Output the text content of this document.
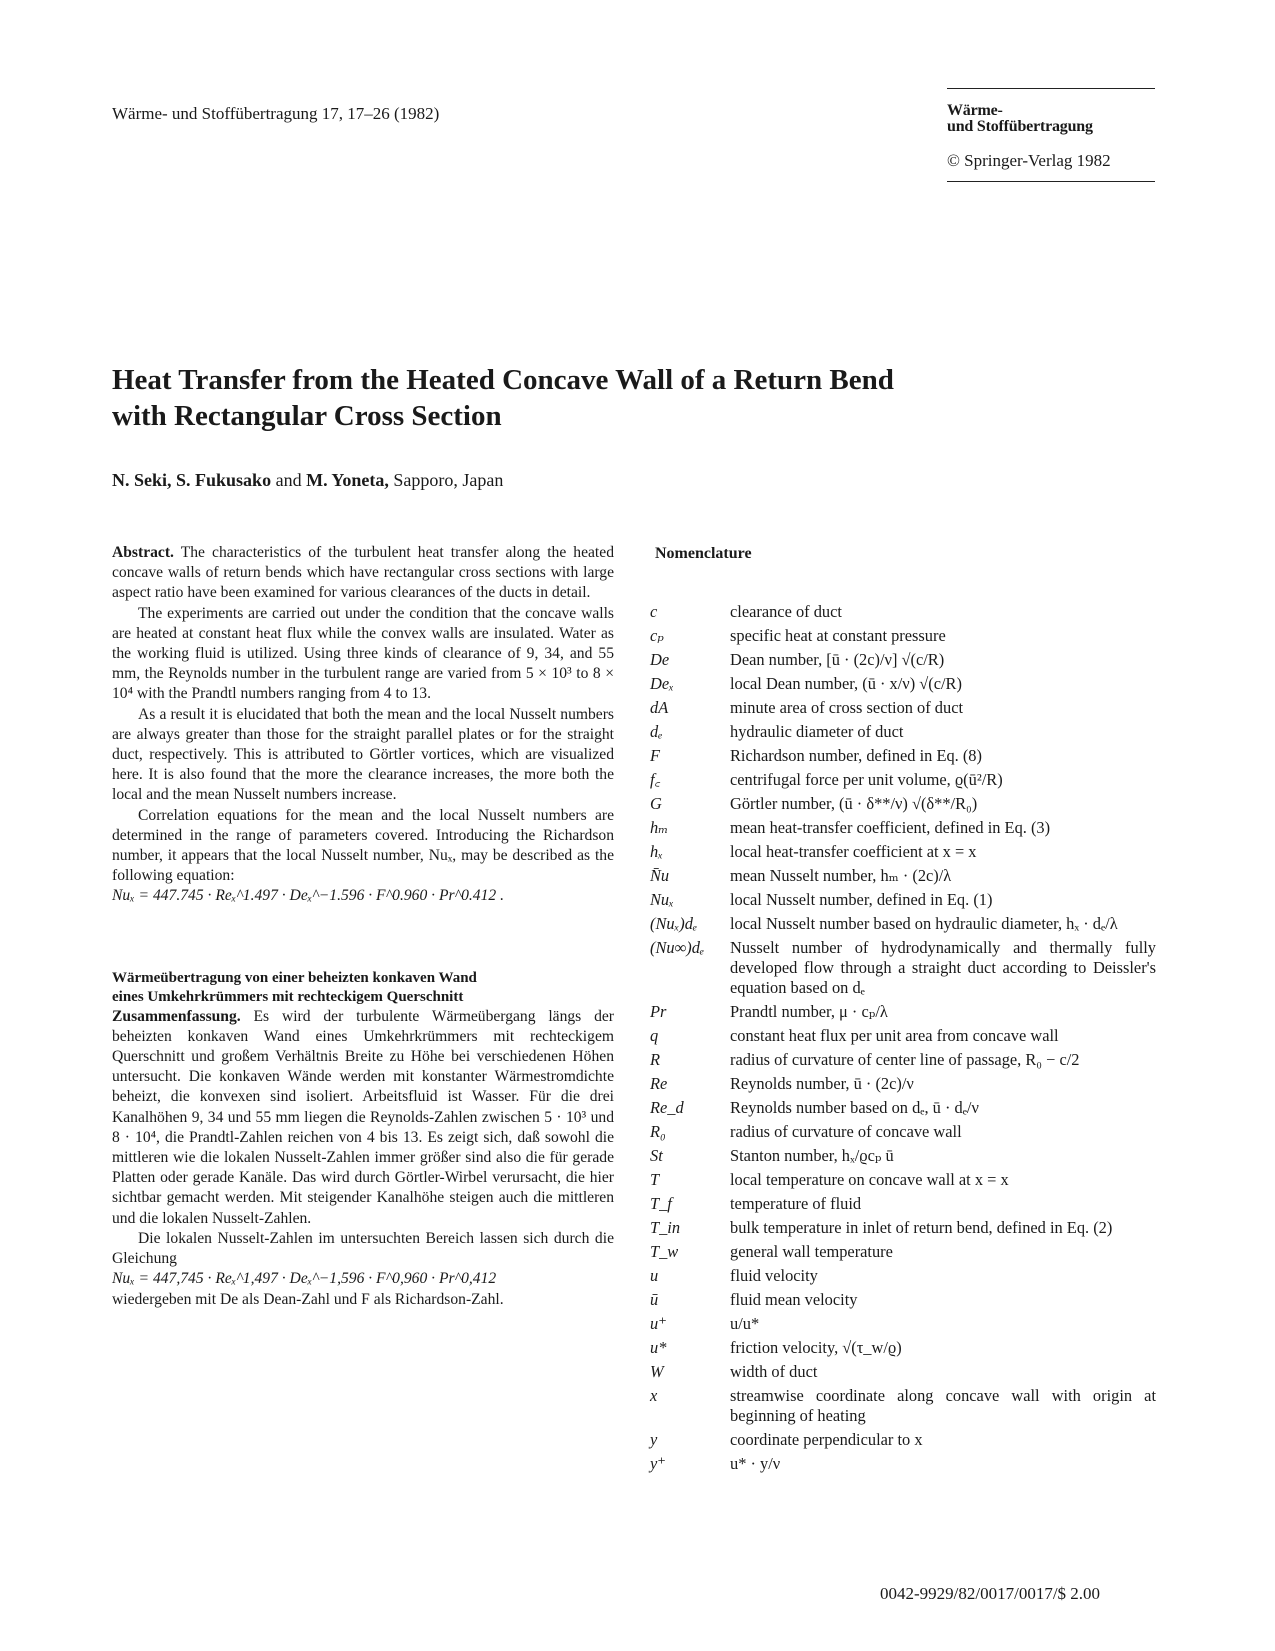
Wärme- und Stoffübertragung 17, 17–26 (1982)	Wärme-
und Stoffübertragung
© Springer-Verlag 1982
Heat Transfer from the Heated Concave Wall of a Return Bend
with Rectangular Cross Section
N. Seki, S. Fukusako and M. Yoneta, Sapporo, Japan

Abstract. The characteristics of the turbulent heat transfer along the heated concave walls of return bends which have rectangular cross sections with large aspect ratio have been examined for various clearances of the ducts in detail.

The experiments are carried out under the condition that the concave walls are heated at constant heat flux while the convex walls are insulated. Water as the working fluid is utilized. Using three kinds of clearance of 9, 34, and 55 mm, the Reynolds number in the turbulent range are varied from 5 × 10³ to 8 × 10⁴ with the Prandtl numbers ranging from 4 to 13.

As a result it is elucidated that both the mean and the local Nusselt numbers are always greater than those for the straight parallel plates or for the straight duct, respectively. This is attributed to Görtler vortices, which are visualized here. It is also found that the more the clearance increases, the more both the local and the mean Nusselt numbers increase.

Correlation equations for the mean and the local Nusselt numbers are determined in the range of parameters covered. Introducing the Richardson number, it appears that the local Nusselt number, Nuₓ, may be described as the following equation:

Nuₓ = 447.745 · Reₓ^1.497 · Deₓ^−1.596 · F^0.960 · Pr^0.412 .

Wärmeübertragung von einer beheizten konkaven Wand
eines Umkehrkrümmers mit rechteckigem Querschnitt

Zusammenfassung. Es wird der turbulente Wärmeübergang längs der beheizten konkaven Wand eines Umkehrkrümmers mit rechteckigem Querschnitt und großem Verhältnis Breite zu Höhe bei verschiedenen Höhen untersucht. Die konkaven Wände werden mit konstanter Wärmestromdichte beheizt, die konvexen sind isoliert. Arbeitsfluid ist Wasser. Für die drei Kanalhöhen 9, 34 und 55 mm liegen die Reynolds-Zahlen zwischen 5 · 10³ und 8 · 10⁴, die Prandtl-Zahlen reichen von 4 bis 13. Es zeigt sich, daß sowohl die mittleren wie die lokalen Nusselt-Zahlen immer größer sind also die für gerade Platten oder gerade Kanäle. Das wird durch Görtler-Wirbel verursacht, die hier sichtbar gemacht werden. Mit steigender Kanalhöhe steigen auch die mittleren und die lokalen Nusselt-Zahlen.

Die lokalen Nusselt-Zahlen im untersuchten Bereich lassen sich durch die Gleichung

Nuₓ = 447,745 · Reₓ^1,497 · Deₓ^−1,596 · F^0,960 · Pr^0,412

wiedergeben mit De als Dean-Zahl und F als Richardson-Zahl.

Nomenclature
c	clearance of duct
cₚ	specific heat at constant pressure
De	Dean number, [ū · (2c)/ν] √(c/R)
Deₓ	local Dean number, (ū · x/ν) √(c/R)
dA	minute area of cross section of duct
dₑ	hydraulic diameter of duct
F	Richardson number, defined in Eq. (8)
f꜀	centrifugal force per unit volume, ϱ(ū²/R)
G	Görtler number, (ū · δ**/ν) √(δ**/R₀)
hₘ	mean heat-transfer coefficient, defined in Eq. (3)
hₓ	local heat-transfer coefficient at x = x
N̄u	mean Nusselt number, hₘ · (2c)/λ
Nuₓ	local Nusselt number, defined in Eq. (1)
(Nuₓ)dₑ	local Nusselt number based on hydraulic diameter, hₓ · dₑ/λ
(Nu∞)dₑ	Nusselt number of hydrodynamically and thermally fully developed flow through a straight duct according to Deissler's equation based on dₑ
Pr	Prandtl number, μ · cₚ/λ
q	constant heat flux per unit area from concave wall
R	radius of curvature of center line of passage, R₀ − c/2
Re	Reynolds number, ū · (2c)/ν
Re_d	Reynolds number based on dₑ, ū · dₑ/ν
R₀	radius of curvature of concave wall
St	Stanton number, hₓ/ϱcₚ ū
T	local temperature on concave wall at x = x
T_f	temperature of fluid
T_in	bulk temperature in inlet of return bend, defined in Eq. (2)
T_w	general wall temperature
u	fluid velocity
ū	fluid mean velocity
u⁺	u/u*
u*	friction velocity, √(τ_w/ϱ)
W	width of duct
x	streamwise coordinate along concave wall with origin at beginning of heating
y	coordinate perpendicular to x
y⁺	u* · y/ν
0042-9929/82/0017/0017/$ 2.00
